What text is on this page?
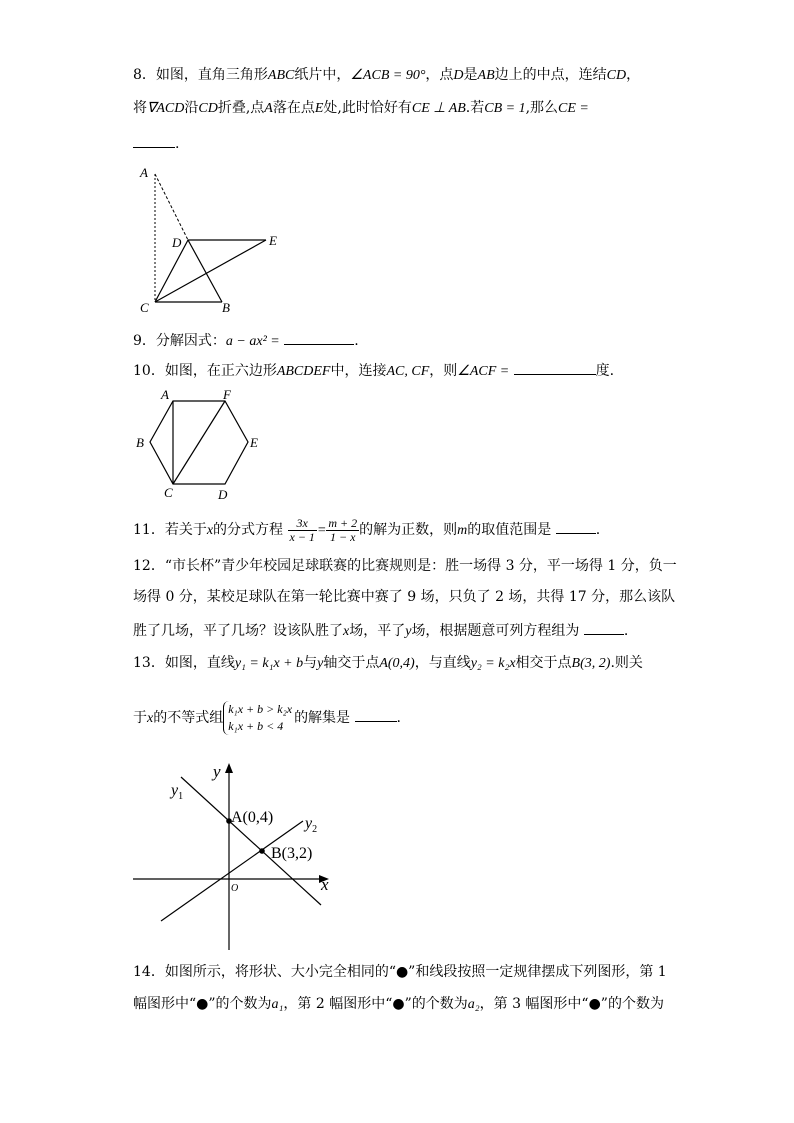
8．如图，直角三角形ABC纸片中，∠ACB = 90°，点D是AB边上的中点，连结CD，
将∇ACD沿CD折叠,点A落在点E处,此时恰好有CE ⊥ AB.若CB = 1,那么CE =
.
A
D	E
C	B
9．分解因式：a − ax² =	.
10．如图，在正六边形ABCDEF中，连接AC, CF，则∠ACF =	度.
A	F
B	E
C	D
11．若关于x的分式方程 $\frac{3x}{x - 1} = \frac{m + 2}{1 - x}$ 的解为正数，则m的取值范围是	.
12．“市长杯”青少年校园足球联赛的比赛规则是：胜一场得 3 分，平一场得 1 分，负一
场得 0 分，某校足球队在第一轮比赛中赛了 9 场，只负了 2 场，共得 17 分，那么该队
胜了几场，平了几场？设该队胜了x场，平了y场，根据题意可列方程组为	.
13．如图，直线y₁ = k₁x + b与y轴交于点A(0,4)，与直线y₂ = k₂x相交于点B(3, 2).则关
于x的不等式组
k₁x + b > k₂x
k₁x + b < 4 的解集是	.
y
x
O
$y_1$
$y_2$
A(0,4)
B(3,2)
14．如图所示，将形状、大小完全相同的“●”和线段按照一定规律摆成下列图形，第 1
幅图形中“●”的个数为a₁，第 2 幅图形中“●”的个数为a₂，第 3 幅图形中“●”的个数为
